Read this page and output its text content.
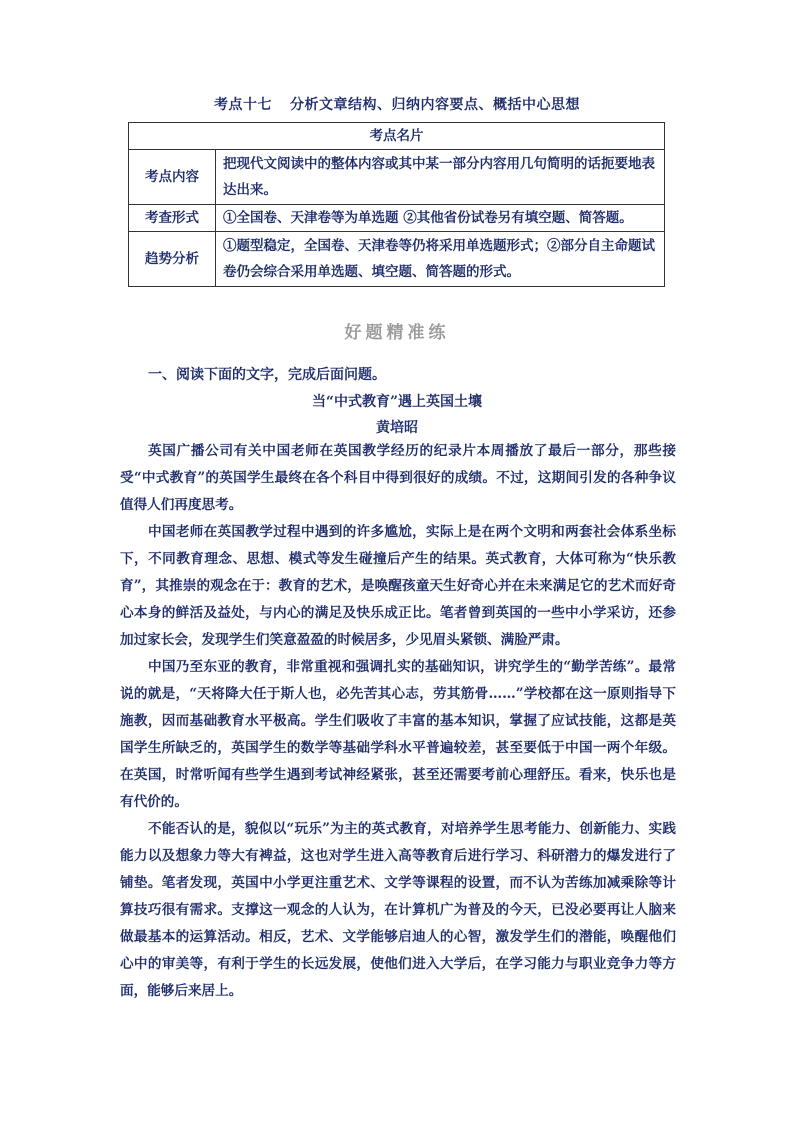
考点十七 分析文章结构、归纳内容要点、概括中心思想
考点名片	
考点内容	把现代文阅读中的整体内容或其中某一部分内容用几句简明的话扼要地表达出来。
考查形式	①全国卷、天津卷等为单选题 ②其他省份试卷另有填空题、简答题。
趋势分析	①题型稳定，全国卷、天津卷等仍将采用单选题形式；②部分自主命题试卷仍会综合采用单选题、填空题、简答题的形式。
好题精准练
一、阅读下面的文字，完成后面问题。
当“中式教育”遇上英国土壤
黄培昭

英国广播公司有关中国老师在英国教学经历的纪录片本周播放了最后一部分，那些接受“中式教育”的英国学生最终在各个科目中得到很好的成绩。不过，这期间引发的各种争议值得人们再度思考。

中国老师在英国教学过程中遇到的许多尴尬，实际上是在两个文明和两套社会体系坐标下，不同教育理念、思想、模式等发生碰撞后产生的结果。英式教育，大体可称为“快乐教育”，其推崇的观念在于：教育的艺术，是唤醒孩童天生好奇心并在未来满足它的艺术而好奇心本身的鲜活及益处，与内心的满足及快乐成正比。笔者曾到英国的一些中小学采访，还参加过家长会，发现学生们笑意盈盈的时候居多，少见眉头紧锁、满脸严肃。

中国乃至东亚的教育，非常重视和强调扎实的基础知识，讲究学生的“勤学苦练”。最常说的就是，“天将降大任于斯人也，必先苦其心志，劳其筋骨……”学校都在这一原则指导下施教，因而基础教育水平极高。学生们吸收了丰富的基本知识，掌握了应试技能，这都是英国学生所缺乏的，英国学生的数学等基础学科水平普遍较差，甚至要低于中国一两个年级。在英国，时常听闻有些学生遇到考试神经紧张，甚至还需要考前心理舒压。看来，快乐也是有代价的。

不能否认的是，貌似以“玩乐”为主的英式教育，对培养学生思考能力、创新能力、实践能力以及想象力等大有裨益，这也对学生进入高等教育后进行学习、科研潜力的爆发进行了铺垫。笔者发现，英国中小学更注重艺术、文学等课程的设置，而不认为苦练加减乘除等计算技巧很有需求。支撑这一观念的人认为，在计算机广为普及的今天，已没必要再让人脑来做最基本的运算活动。相反，艺术、文学能够启迪人的心智，激发学生们的潜能，唤醒他们心中的审美等，有利于学生的长远发展，使他们进入大学后，在学习能力与职业竞争力等方面，能够后来居上。
